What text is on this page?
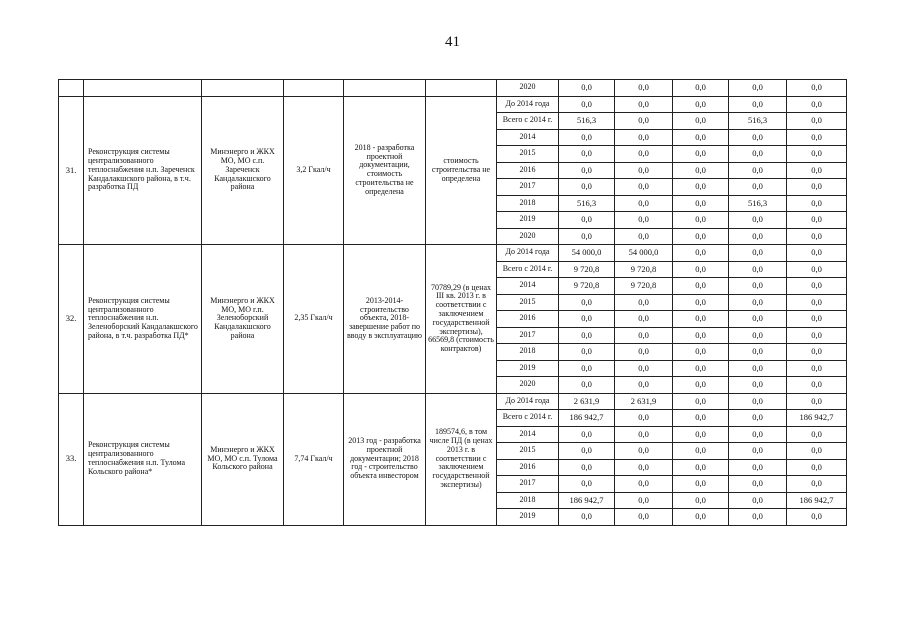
41
						2020	0,0	0,0	0,0	0,0	0,0
31.	Реконструкция системы централизованного теплоснабжения н.п. Зареченск Кандалакшского района, в т.ч. разработка ПД	Минэнерго и ЖКХ МО, МО с.п. Зареченск Кандалакшского района	3,2 Гкал/ч	2018 - разработка проектной документации, стоимость строительства не определена	стоимость строительства не определена	До 2014 года	0,0	0,0	0,0	0,0	0,0
						Всего с 2014 г.	516,3	0,0	0,0	516,3	0,0
						2014	0,0	0,0	0,0	0,0	0,0
						2015	0,0	0,0	0,0	0,0	0,0
						2016	0,0	0,0	0,0	0,0	0,0
						2017	0,0	0,0	0,0	0,0	0,0
						2018	516,3	0,0	0,0	516,3	0,0
						2019	0,0	0,0	0,0	0,0	0,0
						2020	0,0	0,0	0,0	0,0	0,0
32.	Реконструкция системы централизованного теплоснабжения н.п. Зеленоборский Кандалакшского района, в т.ч. разработка ПД*	Минэнерго и ЖКХ МО, МО г.п. Зеленоборский Кандалакшского района	2,35 Гкал/ч	2013-2014- строительство объекта, 2018- завершение работ по вводу в эксплуатацию	70789,29 (в ценах III кв. 2013 г. в соответствии с заключением государственной экспертизы), 66569,8 (стоимость контрактов)	До 2014 года	54 000,0	54 000,0	0,0	0,0	0,0
						Всего с 2014 г.	9 720,8	9 720,8	0,0	0,0	0,0
						2014	9 720,8	9 720,8	0,0	0,0	0,0
						2015	0,0	0,0	0,0	0,0	0,0
						2016	0,0	0,0	0,0	0,0	0,0
						2017	0,0	0,0	0,0	0,0	0,0
						2018	0,0	0,0	0,0	0,0	0,0
						2019	0,0	0,0	0,0	0,0	0,0
						2020	0,0	0,0	0,0	0,0	0,0
33.	Реконструкция системы централизованного теплоснабжения н.п. Тулома Кольского района*	Минэнерго и ЖКХ МО, МО с.п. Тулома Кольского района	7,74 Гкал/ч	2013 год - разработка проектной документации; 2018 год - строительство объекта инвестором	189574,6, в том числе ПД (в ценах 2013 г. в соответствии с заключением государственной экспертизы)	До 2014 года	2 631,9	2 631,9	0,0	0,0	0,0
						Всего с 2014 г.	186 942,7	0,0	0,0	0,0	186 942,7
						2014	0,0	0,0	0,0	0,0	0,0
						2015	0,0	0,0	0,0	0,0	0,0
						2016	0,0	0,0	0,0	0,0	0,0
						2017	0,0	0,0	0,0	0,0	0,0
						2018	186 942,7	0,0	0,0	0,0	186 942,7
						2019	0,0	0,0	0,0	0,0	0,0
